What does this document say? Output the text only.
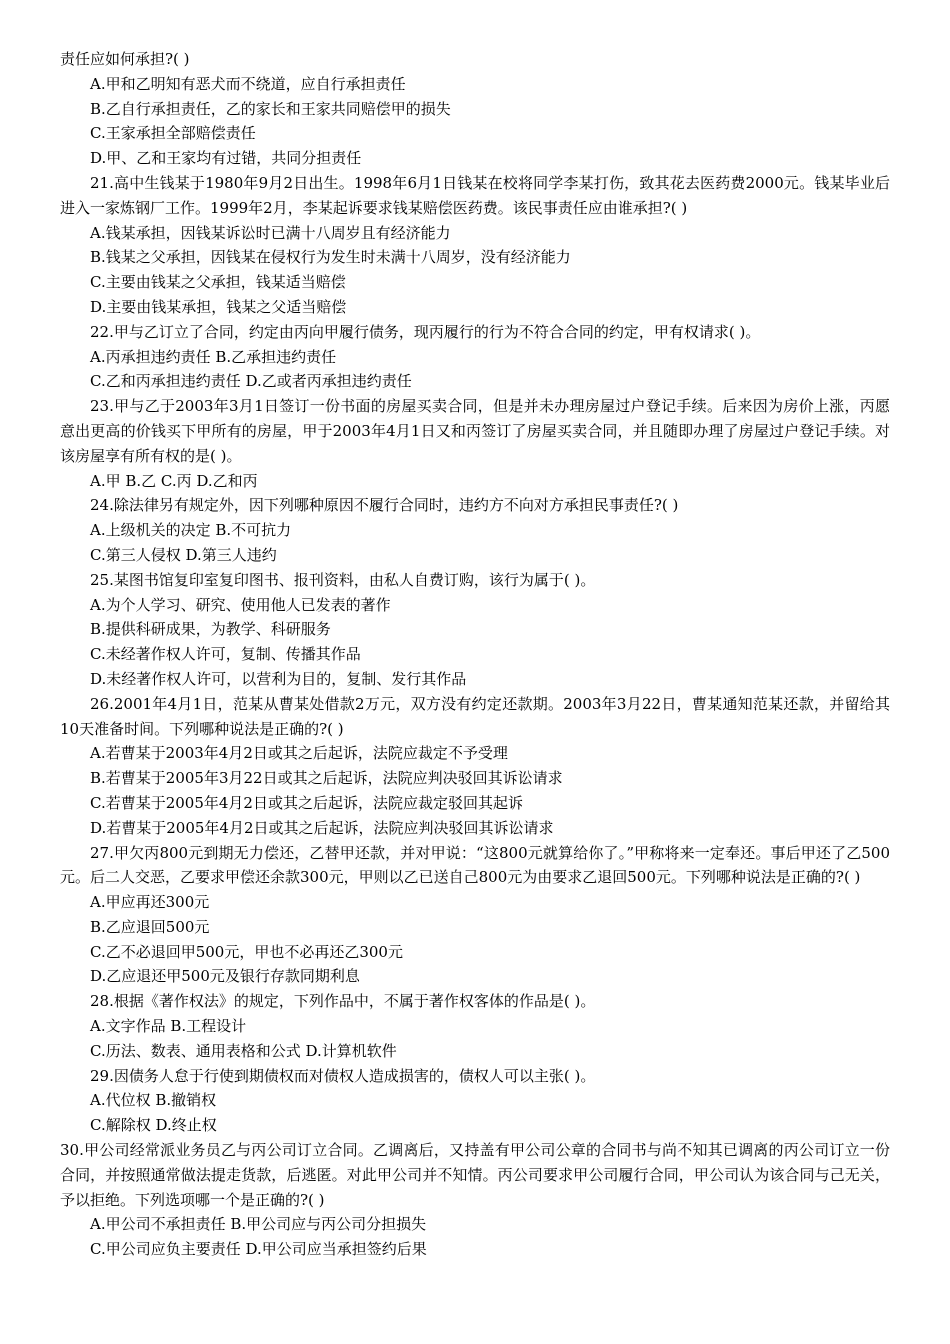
责任应如何承担?( )

A.甲和乙明知有恶犬而不绕道，应自行承担责任

B.乙自行承担责任，乙的家长和王家共同赔偿甲的损失

C.王家承担全部赔偿责任

D.甲、乙和王家均有过错，共同分担责任

21.高中生钱某于1980年9月2日出生。1998年6月1日钱某在校将同学李某打伤，致其花去医药费2000元。钱某毕业后进入一家炼钢厂工作。1999年2月，李某起诉要求钱某赔偿医药费。该民事责任应由谁承担?( )

A.钱某承担，因钱某诉讼时已满十八周岁且有经济能力

B.钱某之父承担，因钱某在侵权行为发生时未满十八周岁，没有经济能力

C.主要由钱某之父承担，钱某适当赔偿

D.主要由钱某承担，钱某之父适当赔偿

22.甲与乙订立了合同，约定由丙向甲履行债务，现丙履行的行为不符合合同的约定，甲有权请求( )。

A.丙承担违约责任 B.乙承担违约责任

C.乙和丙承担违约责任 D.乙或者丙承担违约责任

23.甲与乙于2003年3月1日签订一份书面的房屋买卖合同，但是并未办理房屋过户登记手续。后来因为房价上涨，丙愿意出更高的价钱买下甲所有的房屋，甲于2003年4月1日又和丙签订了房屋买卖合同，并且随即办理了房屋过户登记手续。对该房屋享有所有权的是( )。

A.甲 B.乙 C.丙 D.乙和丙

24.除法律另有规定外，因下列哪种原因不履行合同时，违约方不向对方承担民事责任?( )

A.上级机关的决定 B.不可抗力

C.第三人侵权 D.第三人违约

25.某图书馆复印室复印图书、报刊资料，由私人自费订购，该行为属于( )。

A.为个人学习、研究、使用他人已发表的著作

B.提供科研成果，为教学、科研服务

C.未经著作权人许可，复制、传播其作品

D.未经著作权人许可，以营利为目的，复制、发行其作品

26.2001年4月1日，范某从曹某处借款2万元，双方没有约定还款期。2003年3月22日，曹某通知范某还款，并留给其10天准备时间。下列哪种说法是正确的?( )

A.若曹某于2003年4月2日或其之后起诉，法院应裁定不予受理

B.若曹某于2005年3月22日或其之后起诉，法院应判决驳回其诉讼请求

C.若曹某于2005年4月2日或其之后起诉，法院应裁定驳回其起诉

D.若曹某于2005年4月2日或其之后起诉，法院应判决驳回其诉讼请求

27.甲欠丙800元到期无力偿还，乙替甲还款，并对甲说：“这800元就算给你了。”甲称将来一定奉还。事后甲还了乙500元。后二人交恶，乙要求甲偿还余款300元，甲则以乙已送自己800元为由要求乙退回500元。下列哪种说法是正确的?( )

A.甲应再还300元

B.乙应退回500元

C.乙不必退回甲500元，甲也不必再还乙300元

D.乙应退还甲500元及银行存款同期利息

28.根据《著作权法》的规定，下列作品中，不属于著作权客体的作品是( )。

A.文字作品 B.工程设计

C.历法、数表、通用表格和公式 D.计算机软件

29.因债务人怠于行使到期债权而对债权人造成损害的，债权人可以主张( )。

A.代位权 B.撤销权

C.解除权 D.终止权

30.甲公司经常派业务员乙与丙公司订立合同。乙调离后，又持盖有甲公司公章的合同书与尚不知其已调离的丙公司订立一份合同，并按照通常做法提走货款，后逃匿。对此甲公司并不知情。丙公司要求甲公司履行合同，甲公司认为该合同与己无关，予以拒绝。下列选项哪一个是正确的?( )

A.甲公司不承担责任 B.甲公司应与丙公司分担损失

C.甲公司应负主要责任 D.甲公司应当承担签约后果
